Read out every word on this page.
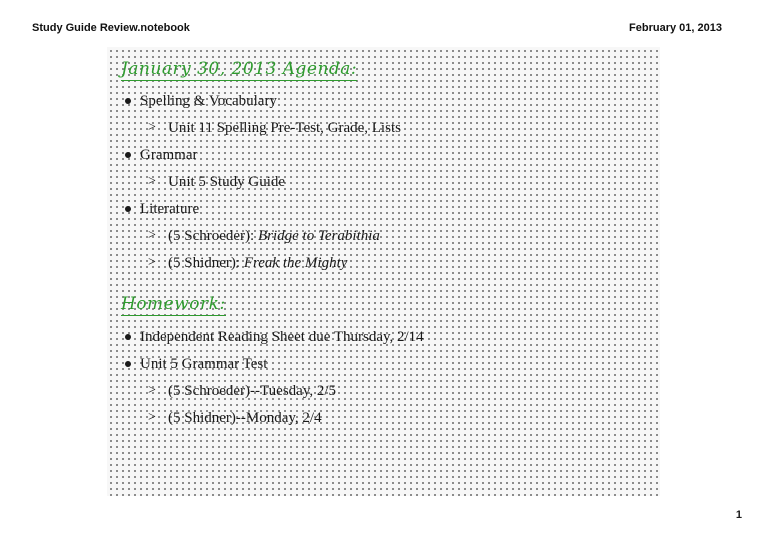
Study Guide Review.notebook	February 01, 2013
January 30, 2013 Agenda:
Spelling & Vocabulary
> Unit 11 Spelling Pre-Test, Grade, Lists
Grammar
> Unit 5 Study Guide
Literature
> (5 Schroeder): Bridge to Terabithia
> (5 Shidner): Freak the Mighty
Homework:
Independent Reading Sheet due Thursday, 2/14
Unit 5 Grammar Test
> (5 Schroeder)--Tuesday, 2/5
> (5 Shidner)--Monday, 2/4
1
